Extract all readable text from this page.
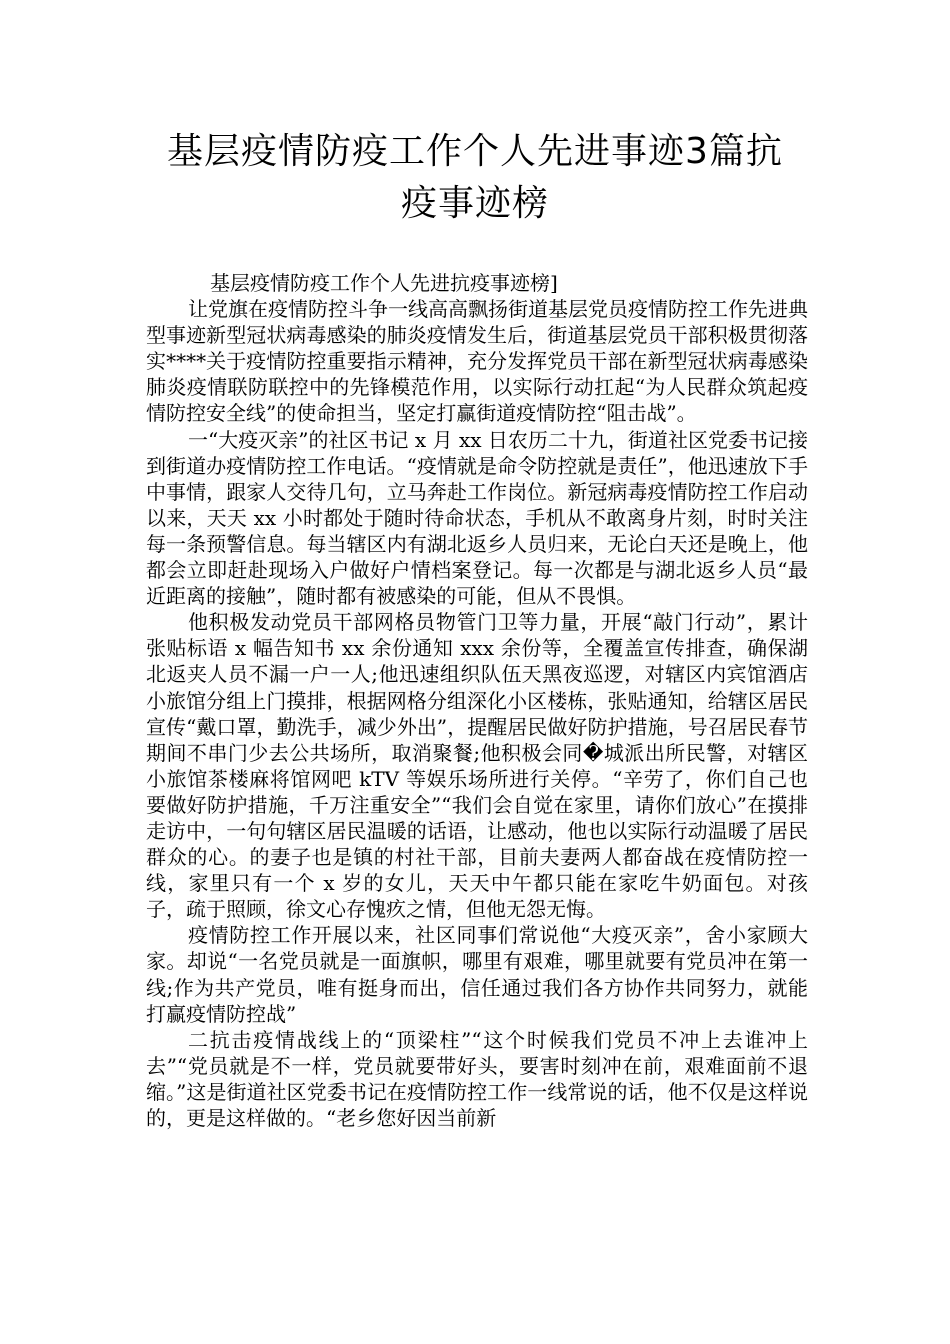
基层疫情防疫工作个人先进事迹3篇抗
疫事迹榜

基层疫情防疫工作个人先进抗疫事迹榜]

让党旗在疫情防控斗争一线高高飘扬街道基层党员疫情防控工作先进典型事迹新型冠状病毒感染的肺炎疫情发生后，街道基层党员干部积极贯彻落实****关于疫情防控重要指示精神，充分发挥党员干部在新型冠状病毒感染肺炎疫情联防联控中的先锋模范作用，以实际行动扛起“为人民群众筑起疫情防控安全线”的使命担当，坚定打赢街道疫情防控“阻击战”。

一“大疫灭亲”的社区书记 x 月 xx 日农历二十九，街道社区党委书记接到街道办疫情防控工作电话。“疫情就是命令防控就是责任”，他迅速放下手中事情，跟家人交待几句，立马奔赴工作岗位。新冠病毒疫情防控工作启动以来，天天 xx 小时都处于随时待命状态，手机从不敢离身片刻，时时关注每一条预警信息。每当辖区内有湖北返乡人员归来，无论白天还是晚上，他都会立即赶赴现场入户做好户情档案登记。每一次都是与湖北返乡人员“最近距离的接触”，随时都有被感染的可能，但从不畏惧。

他积极发动党员干部网格员物管门卫等力量，开展“敲门行动”，累计张贴标语 x 幅告知书 xx 余份通知 xxx 余份等，全覆盖宣传排查，确保湖北返夹人员不漏一户一人;他迅速组织队伍天黑夜巡逻，对辖区内宾馆酒店小旅馆分组上门摸排，根据网格分组深化小区楼栋，张贴通知，给辖区居民宣传“戴口罩，勤洗手，减少外出”，提醒居民做好防护措施，号召居民春节期间不串门少去公共场所，取消聚餐;他积极会同�城派出所民警，对辖区小旅馆茶楼麻将馆网吧 kTV 等娱乐场所进行关停。“辛劳了，你们自己也要做好防护措施，千万注重安全”“我们会自觉在家里，请你们放心”在摸排走访中，一句句辖区居民温暖的话语，让感动，他也以实际行动温暖了居民群众的心。的妻子也是镇的村社干部，目前夫妻两人都奋战在疫情防控一线，家里只有一个 x 岁的女儿，天天中午都只能在家吃牛奶面包。对孩子，疏于照顾，徐文心存愧疚之情，但他无怨无悔。

疫情防控工作开展以来，社区同事们常说他“大疫灭亲”，舍小家顾大家。却说“一名党员就是一面旗帜，哪里有艰难，哪里就要有党员冲在第一线;作为共产党员，唯有挺身而出，信任通过我们各方协作共同努力，就能打赢疫情防控战”

二抗击疫情战线上的“顶梁柱”“这个时候我们党员不冲上去谁冲上去”“党员就是不一样，党员就要带好头，要害时刻冲在前，艰难面前不退缩。”这是街道社区党委书记在疫情防控工作一线常说的话，他不仅是这样说的，更是这样做的。“老乡您好因当前新
